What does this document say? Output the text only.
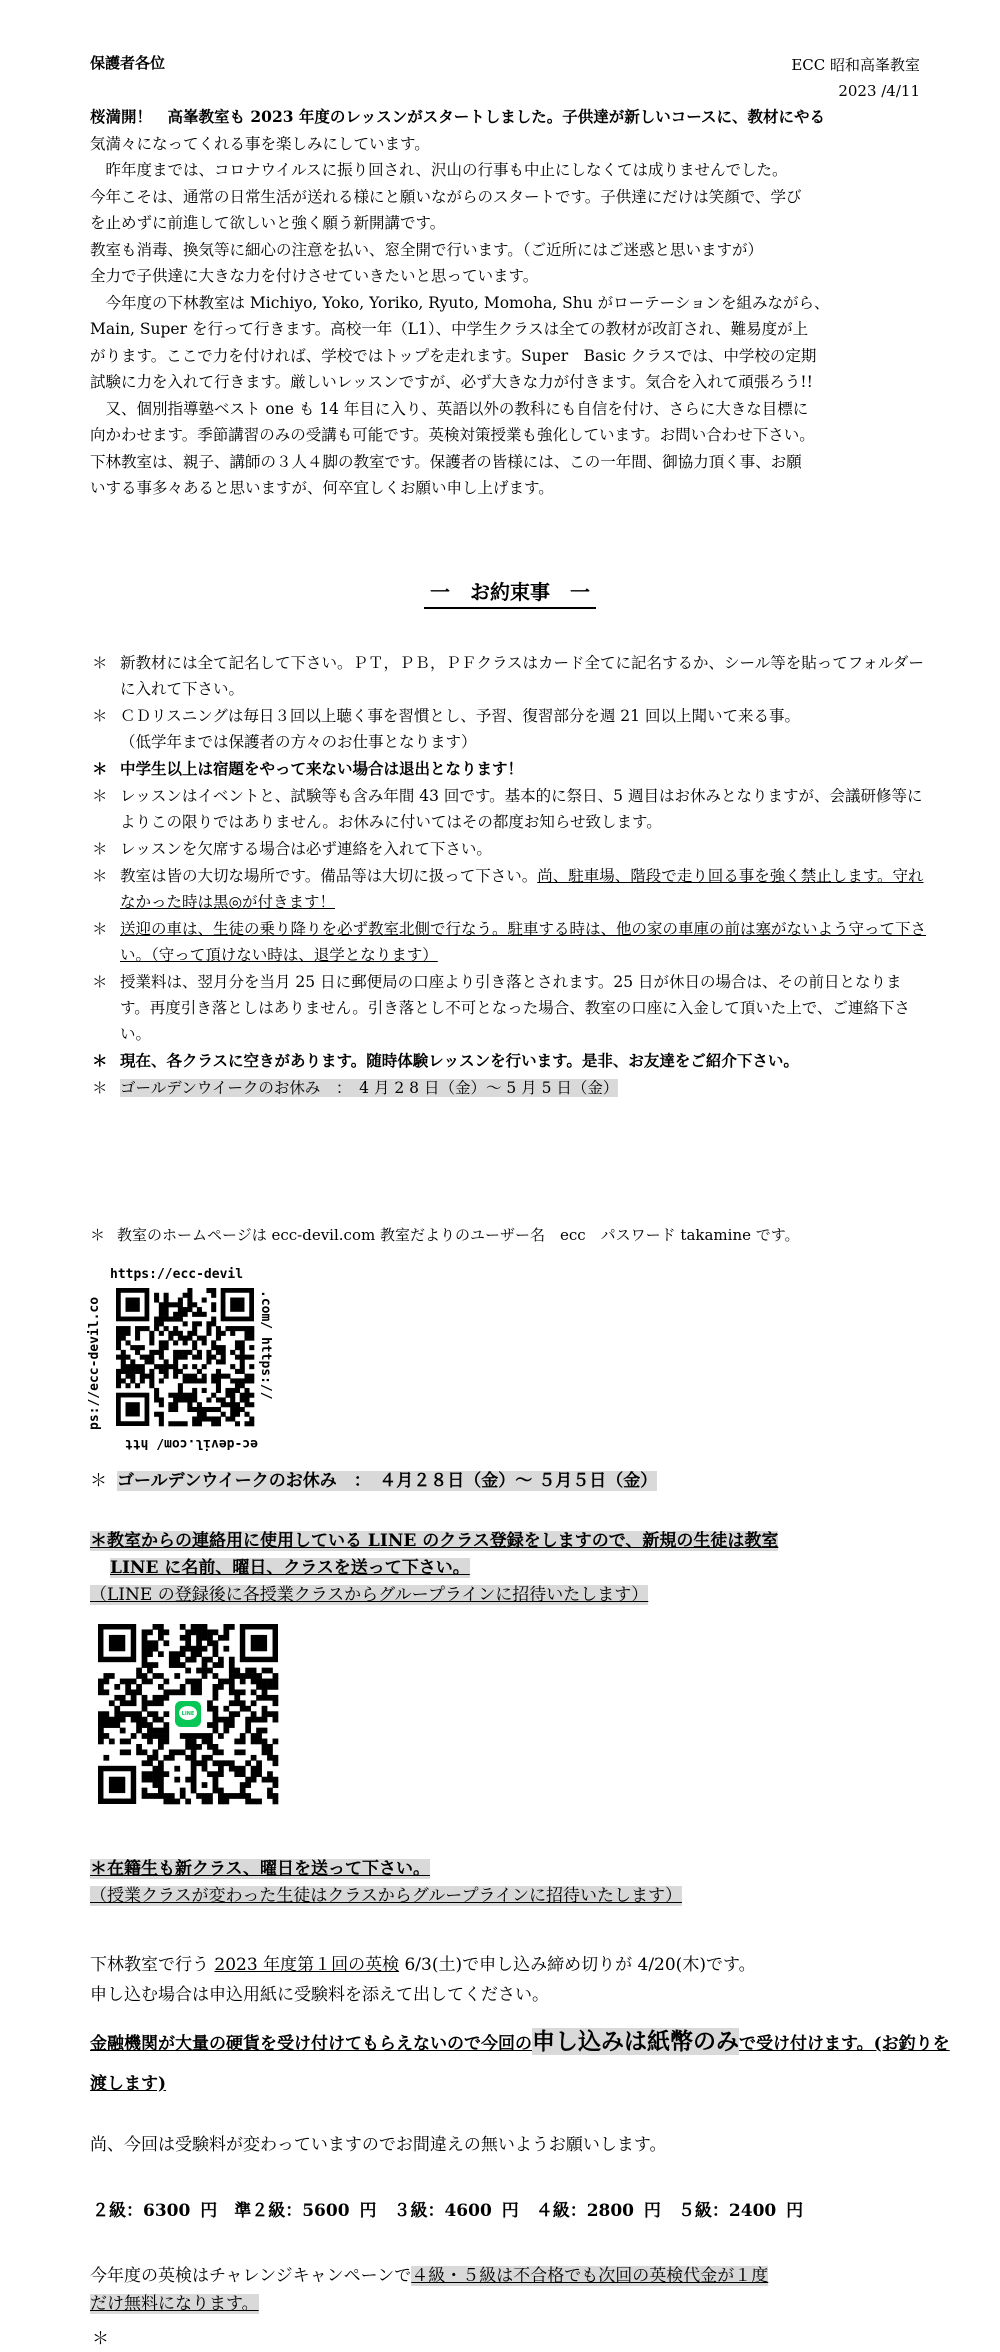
保護者各位	ECC 昭和高峯教室
2023 /4/11

桜満開！　高峯教室も 2023 年度のレッスンがスタートしました。子供達が新しいコースに、教材にやる

気満々になってくれる事を楽しみにしています。

　昨年度までは、コロナウイルスに振り回され、沢山の行事も中止にしなくては成りませんでした。

今年こそは、通常の日常生活が送れる様にと願いながらのスタートです。子供達にだけは笑顔で、学び

を止めずに前進して欲しいと強く願う新開講です。

教室も消毒、換気等に細心の注意を払い、窓全開で行います。（ご近所にはご迷惑と思いますが）

全力で子供達に大きな力を付けさせていきたいと思っています。

　今年度の下林教室は Michiyo, Yoko, Yoriko, Ryuto, Momoha, Shu がローテーションを組みながら、

Main, Super を行って行きます。高校一年（L1）、中学生クラスは全ての教材が改訂され、難易度が上

がります。ここで力を付ければ、学校ではトップを走れます。Super　Basic クラスでは、中学校の定期

試験に力を入れて行きます。厳しいレッスンですが、必ず大きな力が付きます。気合を入れて頑張ろう!!

　又、個別指導塾ベスト one も 14 年目に入り、英語以外の教科にも自信を付け、さらに大きな目標に

向かわせます。季節講習のみの受講も可能です。英検対策授業も強化しています。お問い合わせ下さい。

下林教室は、親子、講師の３人４脚の教室です。保護者の皆様には、この一年間、御協力頂く事、お願

いする事多々あると思いますが、何卒宜しくお願い申し上げます。

一　お約束事　一
＊ 新教材には全て記名して下さい。ＰＴ，ＰＢ，ＰＦクラスはカード全てに記名するか、シール等を貼ってフォルダーに入れて下さい。
＊ ＣＤリスニングは毎日３回以上聴く事を習慣とし、予習、復習部分を週 21 回以上聞いて来る事。
（低学年までは保護者の方々のお仕事となります）
＊ 中学生以上は宿題をやって来ない場合は退出となります！
＊ レッスンはイベントと、試験等も含み年間 43 回です。基本的に祭日、5 週目はお休みとなりますが、会議研修等によりこの限りではありません。お休みに付いてはその都度お知らせ致します。
＊ レッスンを欠席する場合は必ず連絡を入れて下さい。
＊ 教室は皆の大切な場所です。備品等は大切に扱って下さい。尚、駐車場、階段で走り回る事を強く禁止します。守れなかった時は黒◎が付きます！
＊ 送迎の車は、生徒の乗り降りを必ず教室北側で行なう。駐車する時は、他の家の車庫の前は塞がないよう守って下さい。（守って頂けない時は、退学となります）
＊ 授業料は、翌月分を当月 25 日に郵便局の口座より引き落とされます。25 日が休日の場合は、その前日となります。再度引き落としはありません。引き落とし不可となった場合、教室の口座に入金して頂いた上で、ご連絡下さい。
＊ 現在、各クラスに空きがあります。随時体験レッスンを行います。是非、お友達をご紹介下さい。
＊ ゴールデンウイークのお休み　：　4 月 2 8 日（金）～ 5 月 5 日（金）
＊ 教室のホームページは ecc-devil.com 教室だよりのユーザー名　ecc　パスワード takamine です。
https://ecc-devil
.com/ https://
ec-devil.com/ htt
ps://ecc-devil.co
＊ ゴールデンウイークのお休み　：　４月２８日（金）～ ５月５日（金）

＊教室からの連絡用に使用している LINE のクラス登録をしますので、新規の生徒は教室

LINE に名前、曜日、クラスを送って下さい。

（LINE の登録後に各授業クラスからグループラインに招待いたします）

LINE

＊在籍生も新クラス、曜日を送って下さい。

（授業クラスが変わった生徒はクラスからグループラインに招待いたします）

下林教室で行う 2023 年度第１回の英検 6/3(土)で申し込み締め切りが 4/20(木)です。

申し込む場合は申込用紙に受験料を添えて出してください。

金融機関が大量の硬貨を受け付けてもらえないので今回の申し込みは紙幣のみで受け付けます。(お釣りを渡します)
尚、今回は受験料が変わっていますのでお間違えの無いようお願いします。
２級：6300 円　準２級：5600 円　３級：4600 円　４級：2800 円　５級：2400 円

今年度の英検はチャレンジキャンペーンで４級・５級は不合格でも次回の英検代金が１度

だけ無料になります。

＊
